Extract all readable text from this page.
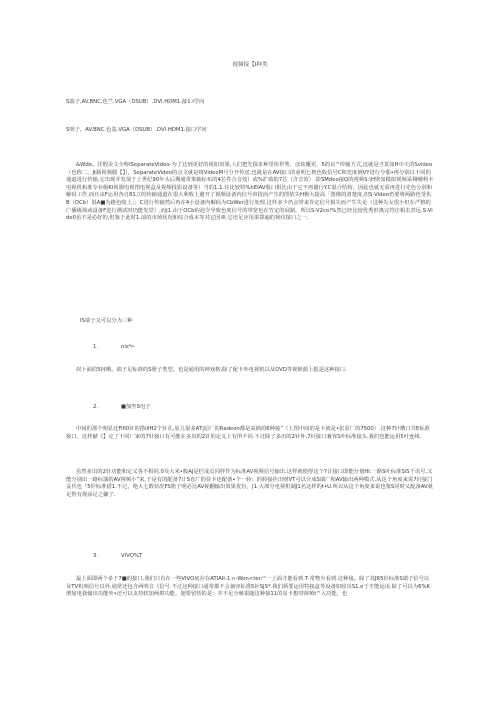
视频接【I种类
S端子,AV.BNC,色竺,VGA（DSUB）.DVI.HDM1.接1.I学问
S明子，AV.BNC.色基.VGA（DSUB）.DVI.HDM1.接口学问
&Wde。洋假美文全称ISeparateVideo-为了达到更好的视如效果,人们把先探求种里快世秀、彦炫覆更，5的良^传输方式,这就是当莫如H中天的Svideo（也称二，Jt制视频膜【】），SeparateVideo的点文就是将VideoM号分开传送,也就是在AV接口的重明匕格色收信号C和光度例VY进行分那•再分别以不同的通道进行传输,它出现并发展于上世纪90年头后期通常笨轴标布的4芯件合音效）或%扩收的7芯（含音效）.影SMdeo接Q的视频S:\H壁如模拟视频采栩嘲利卡电视机和准专业级KI视器电视图电视盒及视频投影设备等）当的1.1.住比较特%hEIAV股口相比由于它不再避行Y.C混合结构，因此也就无需再进行光色分别和解码工作,而且由F运用各自81立的传输通道在很大利收上避开了视频设备内信号串扰而产生的图依失H极大提高「图像的清楚度,但S-Video仍要将两路色受仇B（OCb）混A■为路色收上；；C进行传输然后再在4小设备内解码为CbWer进行处理,这样多少仍会带来肯定信号损失而产生失论（这种失女很小但在严格的广播级视或设备F进行测试时仍能发觉）,而J1.由于OCb的泡令导致色度信号的带宽也在竹定的展制，所以S-V2co!%然已经比较优秀但离完符注相去甚远.S-Vide0虽不是必好的,但鉴于此时1.前的市场状况和综合成本等其它因素.它还足应用果算遍的视纹接口之一.
IS端子又可以分为三种
1.	nis*r-
奴卜面的5林晒。端子足标准的S册子类型，也是通用的神戏格,除了配卡外电视机以及DVD等视嫉源上抵是这种接口.
2.	■加叁S电子
中间的那个明显比Fifi0针的措illH2个针孔,原儿很多AT|原厂的Radeon都是采钠的6种接”（上图中间的是卡就是•张原厂的7500）.这种7针槽口共E标准接口，这样献《】定了不同厂家的7针接口有可能在多出的2针的定义上有所不同.不过除了多出的2针外,7针接口兼容S叶标准接头.我们也能运用5叶连线.
虽然多出的2针功能和定义各不相同.0旻大米•般AJ是栏成页同样作为标准AV视频信号输出.这样就使得这个7计接口即能分划HI.一路S叶标准SiS千讯号,又能分别出一路标演的AV视频小”来.于是有的配备7计S直广的显卡还配备•个一转：的转接拴出财VT可以分成S端广和AV输出两种模式.从这个角度来说7针接门妥代也『5针标准借1.不过，绝大七数状况FS册子明必比AV视翻输出效果优份，|1.大部分电视机制J1名这样的t•U.所以从这个角度来说也鉴S同时又配备AV就足帮有视添足之嫌了.
3.	VIVO%T
最上面即两个多于7■的接口,我们只有在一些VIVO底存在ATIAlI-1.∩-Won<ter产一上面才能看到.T-常物少看到.这种接。除了其JR5针标准S端子信号以及TV机频信号以外.通常还包含两明音《信号.不过这种接口通常都不会兼容标准5针SJS*.我们须要运用特接盒等设备如收出S1.e于才能运用.除了可以为6%K增加电我输出功能外•还可以支持软加两堪功能，翅要留恬的是：并不足全斛果随这种接11的显卡想带视频t^入功能，也
